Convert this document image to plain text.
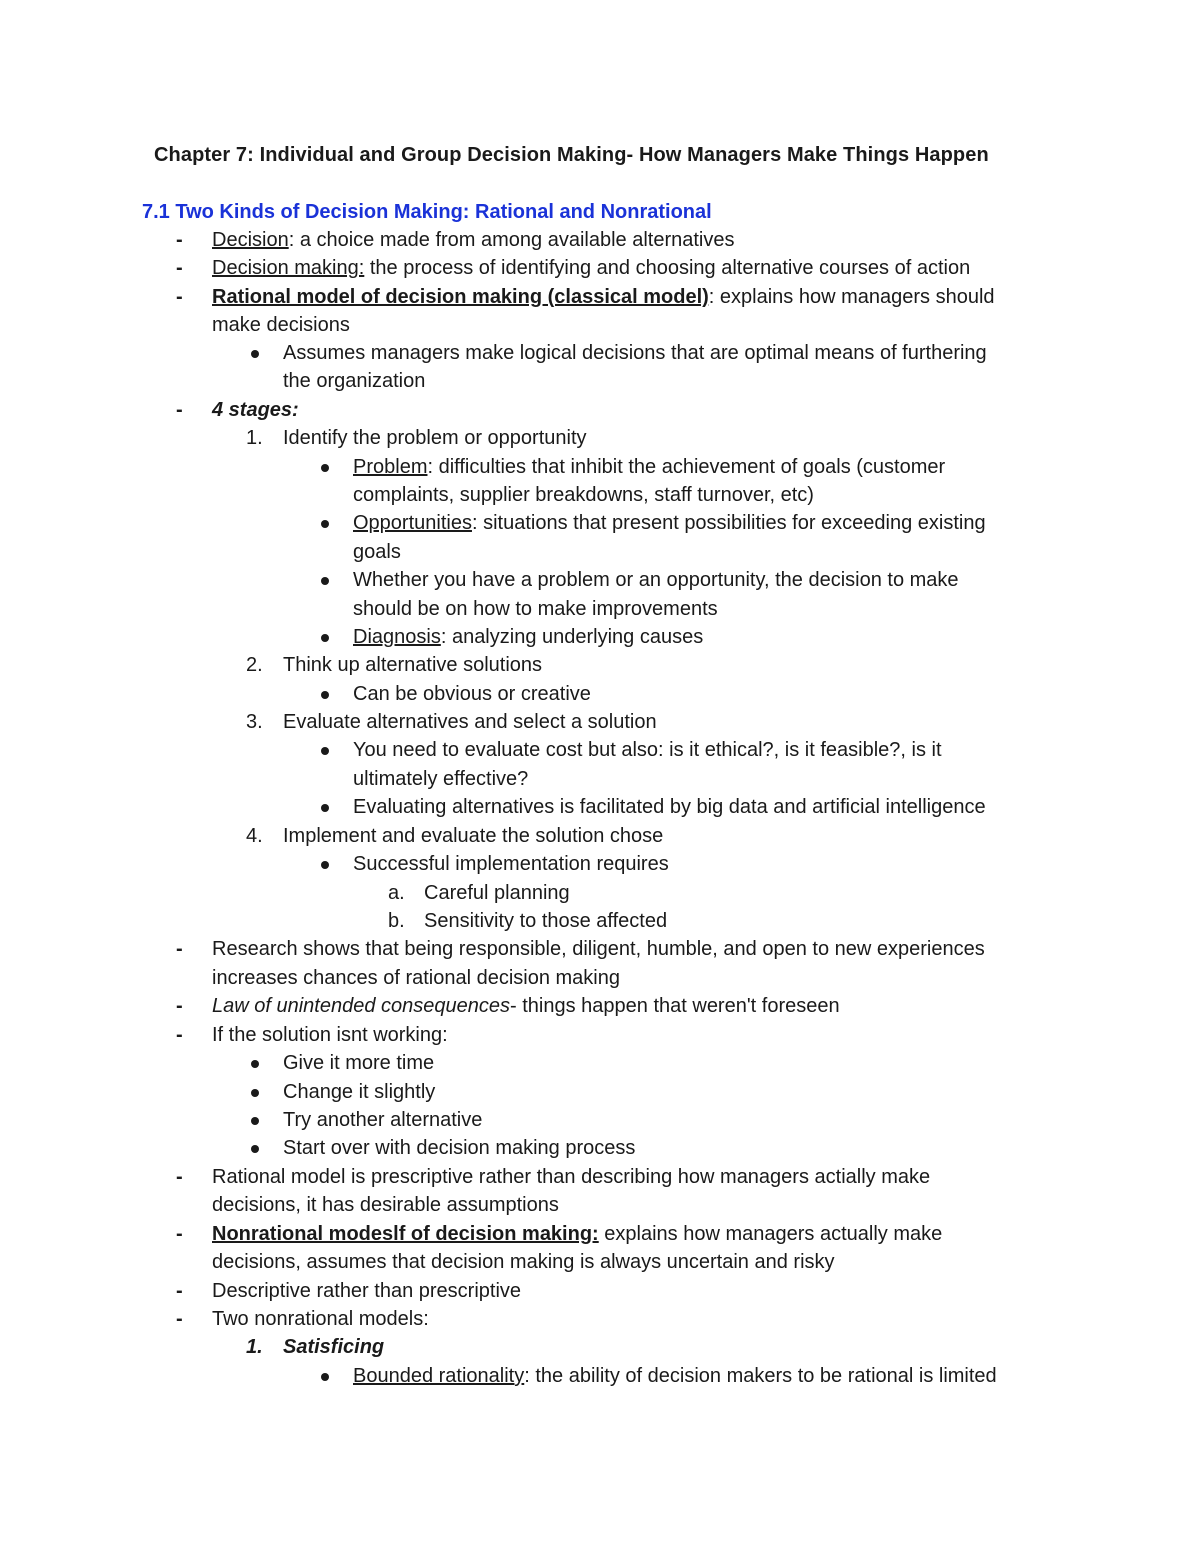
Chapter 7: Individual and Group Decision Making- How Managers Make Things Happen
7.1 Two Kinds of Decision Making: Rational and Nonrational
- Decision: a choice made from among available alternatives
- Decision making: the process of identifying and choosing alternative courses of action
- Rational model of decision making (classical model): explains how managers should
make decisions
Assumes managers make logical decisions that are optimal means of furthering
the organization
- 4 stages:
1. Identify the problem or opportunity
Problem: difficulties that inhibit the achievement of goals (customer
complaints, supplier breakdowns, staff turnover, etc)
Opportunities: situations that present possibilities for exceeding existing
goals
Whether you have a problem or an opportunity, the decision to make
should be on how to make improvements
Diagnosis: analyzing underlying causes
2. Think up alternative solutions
Can be obvious or creative
3. Evaluate alternatives and select a solution
You need to evaluate cost but also: is it ethical?, is it feasible?, is it
ultimately effective?
Evaluating alternatives is facilitated by big data and artificial intelligence
4. Implement and evaluate the solution chose
Successful implementation requires
a. Careful planning
b. Sensitivity to those affected
- Research shows that being responsible, diligent, humble, and open to new experiences
increases chances of rational decision making
- Law of unintended consequences- things happen that weren't foreseen
- If the solution isnt working:
Give it more time
Change it slightly
Try another alternative
Start over with decision making process
- Rational model is prescriptive rather than describing how managers actially make
decisions, it has desirable assumptions
- Nonrational modeslf of decision making: explains how managers actually make
decisions, assumes that decision making is always uncertain and risky
- Descriptive rather than prescriptive
- Two nonrational models:
1. Satisficing
Bounded rationality: the ability of decision makers to be rational is limited
